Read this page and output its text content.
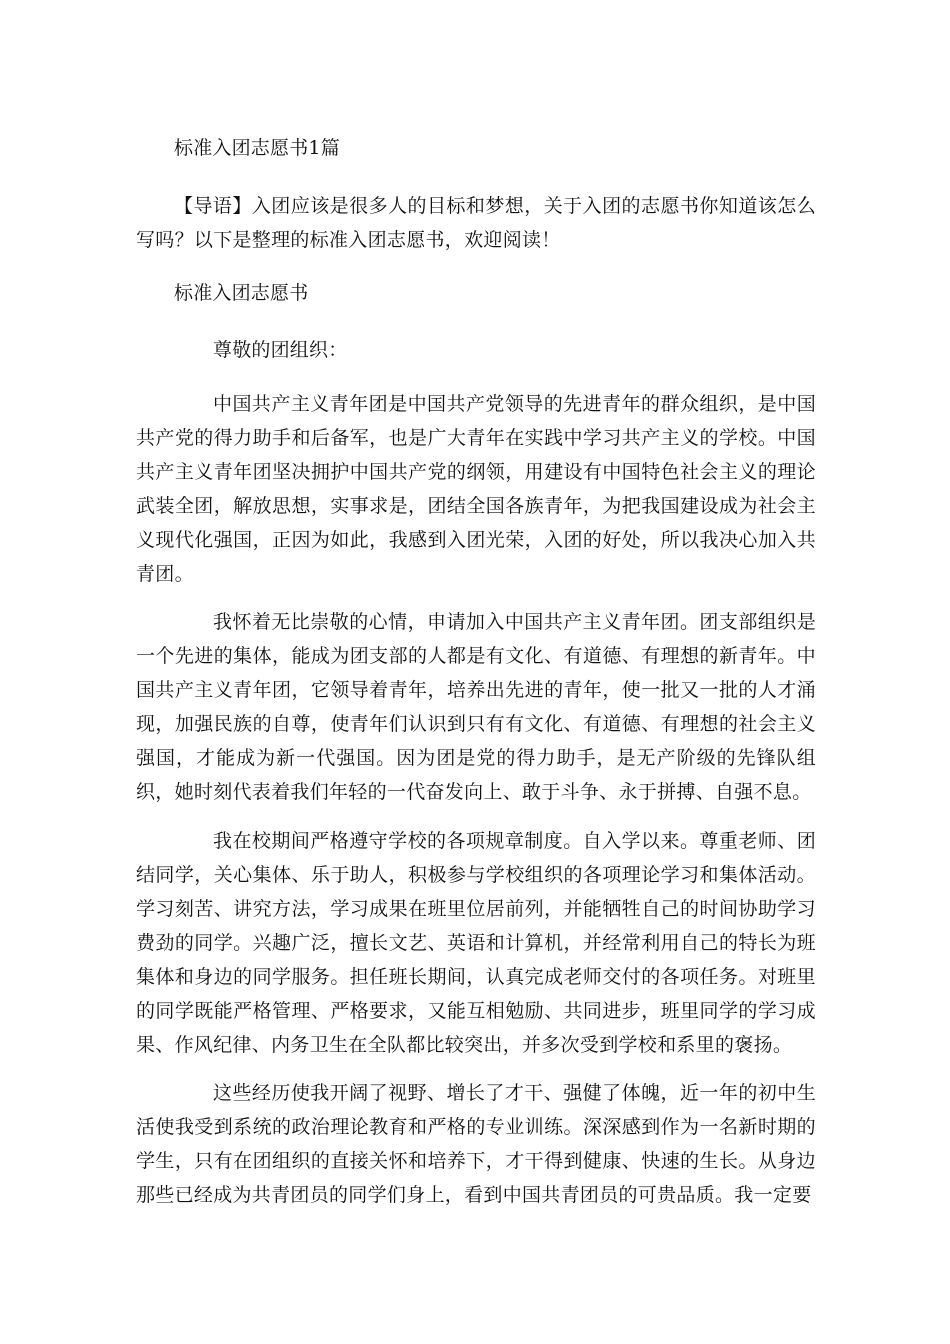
标准入团志愿书1篇
【导语】入团应该是很多人的目标和梦想，关于入团的志愿书你知道该怎么写吗？以下是整理的标准入团志愿书，欢迎阅读！
标准入团志愿书
尊敬的团组织：
中国共产主义青年团是中国共产党领导的先进青年的群众组织，是中国共产党的得力助手和后备军，也是广大青年在实践中学习共产主义的学校。中国共产主义青年团坚决拥护中国共产党的纲领，用建设有中国特色社会主义的理论武装全团，解放思想，实事求是，团结全国各族青年，为把我国建设成为社会主义现代化强国，正因为如此，我感到入团光荣，入团的好处，所以我决心加入共青团。
我怀着无比崇敬的心情，申请加入中国共产主义青年团。团支部组织是一个先进的集体，能成为团支部的人都是有文化、有道德、有理想的新青年。中国共产主义青年团，它领导着青年，培养出先进的青年，使一批又一批的人才涌现，加强民族的自尊，使青年们认识到只有有文化、有道德、有理想的社会主义强国，才能成为新一代强国。因为团是党的得力助手，是无产阶级的先锋队组织，她时刻代表着我们年轻的一代奋发向上、敢于斗争、永于拼搏、自强不息。
我在校期间严格遵守学校的各项规章制度。自入学以来。尊重老师、团结同学，关心集体、乐于助人，积极参与学校组织的各项理论学习和集体活动。学习刻苦、讲究方法，学习成果在班里位居前列，并能牺牲自己的时间协助学习费劲的同学。兴趣广泛，擅长文艺、英语和计算机，并经常利用自己的特长为班集体和身边的同学服务。担任班长期间，认真完成老师交付的各项任务。对班里的同学既能严格管理、严格要求，又能互相勉励、共同进步，班里同学的学习成果、作风纪律、内务卫生在全队都比较突出，并多次受到学校和系里的褒扬。
这些经历使我开阔了视野、增长了才干、强健了体魄，近一年的初中生活使我受到系统的政治理论教育和严格的专业训练。深深感到作为一名新时期的学生，只有在团组织的直接关怀和培养下，才干得到健康、快速的生长。从身边那些已经成为共青团员的同学们身上，看到中国共青团员的可贵品质。我一定要
